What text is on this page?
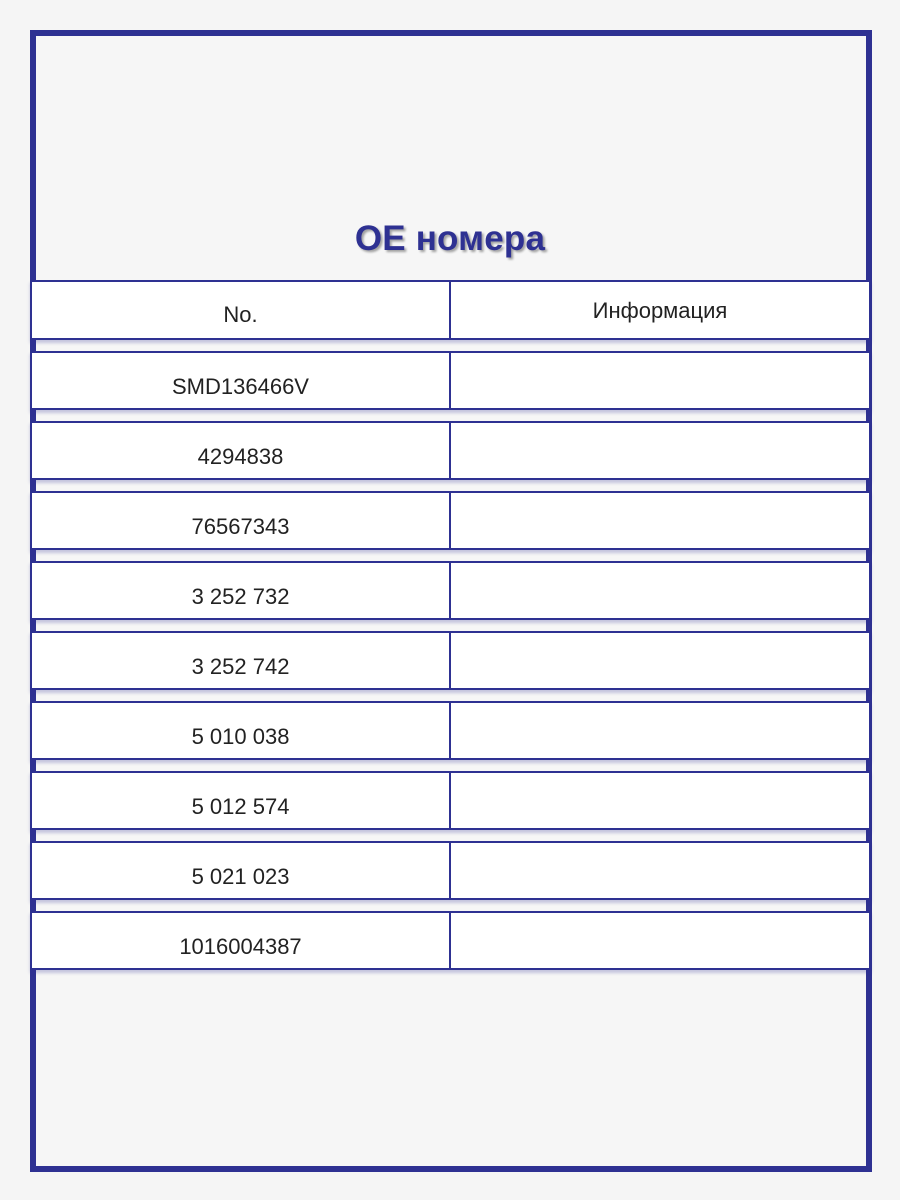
OE номера
No.	Информация
SMD136466V
4294838
76567343
3 252 732
3 252 742
5 010 038
5 012 574
5 021 023
1016004387
